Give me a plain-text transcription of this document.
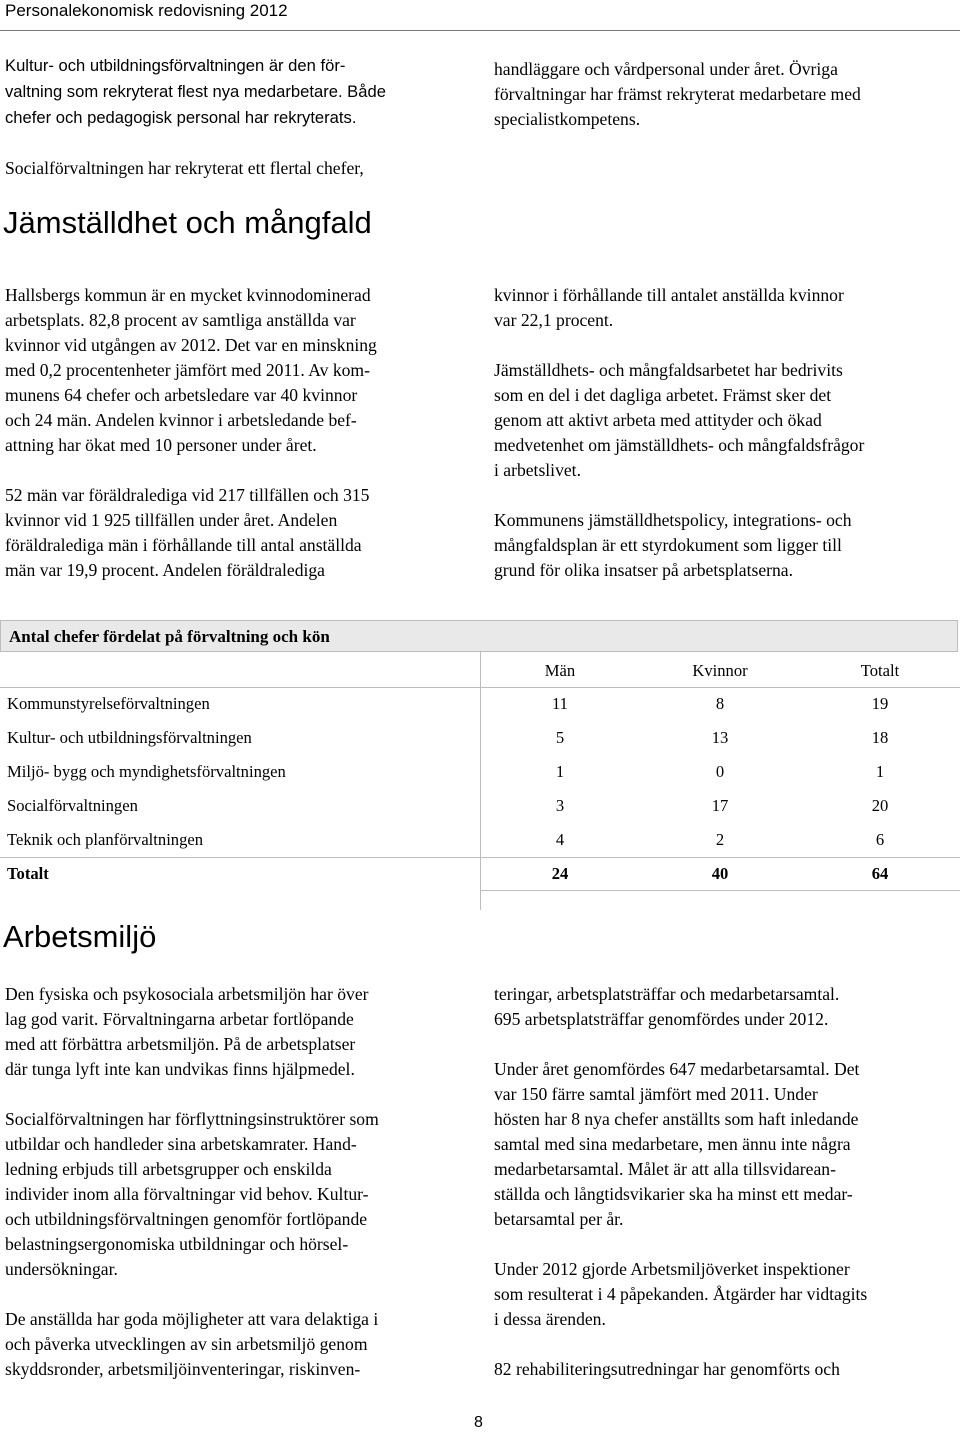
Personalekonomisk redovisning 2012

Kultur- och utbildningsförvaltningen är den för-
valtning som rekryterat flest nya medarbetare. Både
chefer och pedagogisk personal har rekryterats.

Socialförvaltningen har rekryterat ett flertal chefer,

handläggare och vårdpersonal under året. Övriga
förvaltningar har främst rekryterat medarbetare med
specialistkompetens.

Jämställdhet och mångfald

Hallsbergs kommun är en mycket kvinnodominerad
arbetsplats. 82,8 procent av samtliga anställda var
kvinnor vid utgången av 2012. Det var en minskning
med 0,2 procentenheter jämfört med 2011. Av kom-
munens 64 chefer och arbetsledare var 40 kvinnor
och 24 män. Andelen kvinnor i arbetsledande bef-
attning har ökat med 10 personer under året.

52 män var föräldralediga vid 217 tillfällen och 315
kvinnor vid 1 925 tillfällen under året. Andelen
föräldralediga män i förhållande till antal anställda
män var 19,9 procent. Andelen föräldralediga

kvinnor i förhållande till antalet anställda kvinnor
var 22,1 procent.

Jämställdhets- och mångfaldsarbetet har bedrivits
som en del i det dagliga arbetet. Främst sker det
genom att aktivt arbeta med attityder och ökad
medvetenhet om jämställdhets- och mångfaldsfrågor
i arbetslivet.

Kommunens jämställdhetspolicy, integrations- och
mångfaldsplan är ett styrdokument som ligger till
grund för olika insatser på arbetsplatserna.

Antal chefer fördelat på förvaltning och kön
Män	Kvinnor	Totalt
Kommunstyrelseförvaltningen	11	8	19
Kultur- och utbildningsförvaltningen	5	13	18
Miljö- bygg och myndighetsförvaltningen	1	0	1
Socialförvaltningen	3	17	20
Teknik och planförvaltningen	4	2	6
Totalt	24	40	64
Arbetsmiljö

Den fysiska och psykosociala arbetsmiljön har över
lag god varit. Förvaltningarna arbetar fortlöpande
med att förbättra arbetsmiljön. På de arbetsplatser
där tunga lyft inte kan undvikas finns hjälpmedel.

Socialförvaltningen har förflyttningsinstruktörer som
utbildar och handleder sina arbetskamrater. Hand-
ledning erbjuds till arbetsgrupper och enskilda
individer inom alla förvaltningar vid behov. Kultur-
och utbildningsförvaltningen genomför fortlöpande
belastningsergonomiska utbildningar och hörsel-
undersökningar.

De anställda har goda möjligheter att vara delaktiga i
och påverka utvecklingen av sin arbetsmiljö genom
skyddsronder, arbetsmiljöinventeringar, riskinven-

teringar, arbetsplatsträffar och medarbetarsamtal.
695 arbetsplatsträffar genomfördes under 2012.

Under året genomfördes 647 medarbetarsamtal. Det
var 150 färre samtal jämfört med 2011. Under
hösten har 8 nya chefer anställts som haft inledande
samtal med sina medarbetare, men ännu inte några
medarbetarsamtal. Målet är att alla tillsvidarean-
ställda och långtidsvikarier ska ha minst ett medar-
betarsamtal per år.

Under 2012 gjorde Arbetsmiljöverket inspektioner
som resulterat i 4 påpekanden. Åtgärder har vidtagits
i dessa ärenden.

82 rehabiliteringsutredningar har genomförts och

8
